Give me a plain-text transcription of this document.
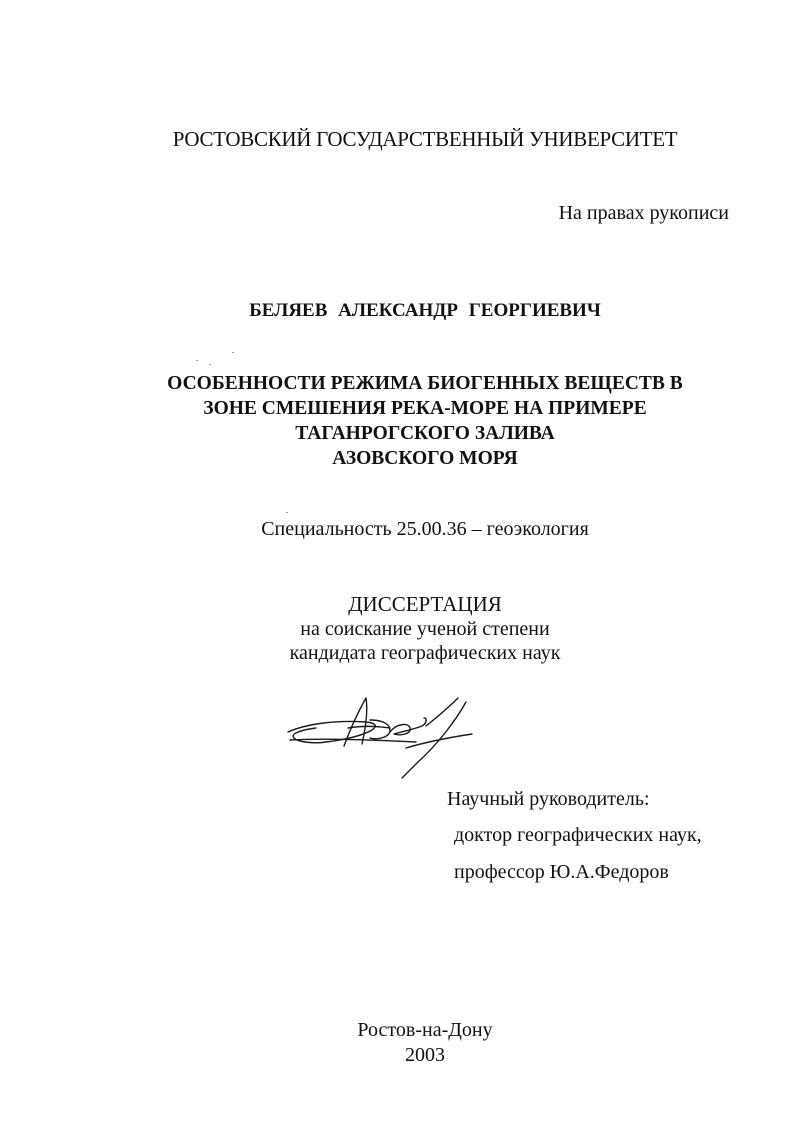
РОСТОВСКИЙ ГОСУДАРСТВЕННЫЙ УНИВЕРСИТЕТ
На правах рукописи
БЕЛЯЕВ АЛЕКСАНДР ГЕОРГИЕВИЧ
ОСОБЕННОСТИ РЕЖИМА БИОГЕННЫХ ВЕЩЕСТВ В
ЗОНЕ СМЕШЕНИЯ РЕКА-МОРЕ НА ПРИМЕРЕ
ТАГАНРОГСКОГО ЗАЛИВА
АЗОВСКОГО МОРЯ
Специальность 25.00.36 – геоэкология
ДИССЕРТАЦИЯ
на соискание ученой степени
кандидата географических наук
Научный руководитель:
доктор географических наук,
профессор Ю.А.Федоров
Ростов-на-Дону
2003
